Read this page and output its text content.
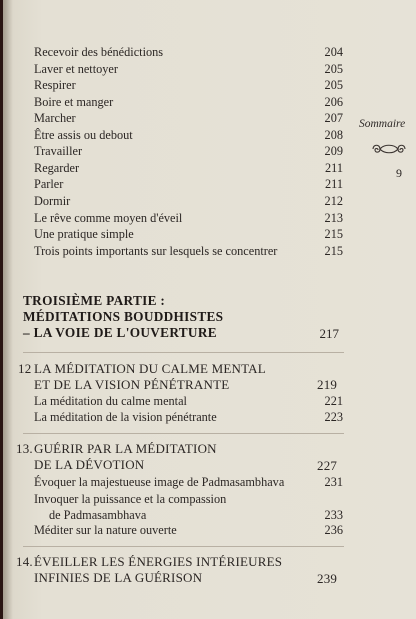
Recevoir des bénédictions	204
Laver et nettoyer	205
Respirer	205
Boire et manger	206
Marcher	207
Être assis ou debout	208
Travailler	209
Regarder	211
Parler	211
Dormir	212
Le rêve comme moyen d'éveil	213
Une pratique simple	215
Trois points importants sur lesquels se concentrer	215
TROISIÈME PARTIE :
MÉDITATIONS BOUDDHISTES
– LA VOIE DE L'OUVERTURE	217
12 LA MÉDITATION DU CALME MENTAL
ET DE LA VISION PÉNÉTRANTE	219
La méditation du calme mental	221
La méditation de la vision pénétrante	223
13. GUÉRIR PAR LA MÉDITATION
DE LA DÉVOTION	227
Évoquer la majestueuse image de Padmasambhava	231
Invoquer la puissance et la compassion
de Padmasambhava	233
Méditer sur la nature ouverte	236
14. ÉVEILLER LES ÉNERGIES INTÉRIEURES
INFINIES DE LA GUÉRISON	239
Sommaire
9
